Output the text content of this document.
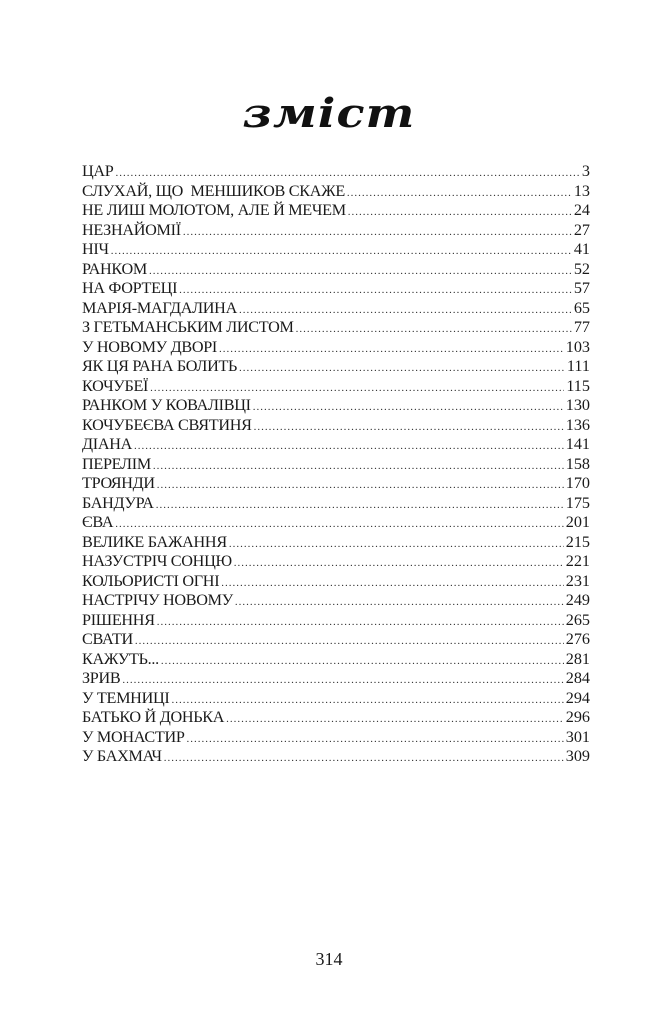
зміст
ЦАР .....	3
СЛУХАЙ, ЩО  МЕНШИКОВ СКАЖЕ .....	13
НЕ ЛИШ МОЛОТОМ, АЛЕ Й МЕЧЕМ .....	24
НЕЗНАЙОМІЇ .....	27
НІЧ .....	41
РАНКОМ .....	52
НА ФОРТЕЦІ .....	57
МАРІЯ-МАГДАЛИНА .....	65
З ГЕТЬМАНСЬКИМ ЛИСТОМ .....	77
У НОВОМУ ДВОРІ .....	103
ЯК ЦЯ РАНА БОЛИТЬ .....	111
КОЧУБЕЇ .....	115
РАНКОМ У КОВАЛІВЦІ .....	130
КОЧУБЕЄВА СВЯТИНЯ .....	136
ДІАНА .....	141
ПЕРЕЛІМ .....	158
ТРОЯНДИ .....	170
БАНДУРА .....	175
ЄВА .....	201
ВЕЛИКЕ БАЖАННЯ .....	215
НАЗУСТРІЧ СОНЦЮ .....	221
КОЛЬОРИСТІ ОГНІ .....	231
НАСТРІЧУ НОВОМУ .....	249
РІШЕННЯ .....	265
СВАТИ .....	276
КАЖУТЬ... .....	281
ЗРИВ .....	284
У ТЕМНИЦІ .....	294
БАТЬКО Й ДОНЬКА .....	296
У МОНАСТИР .....	301
У БАХМАЧ .....	309
314
